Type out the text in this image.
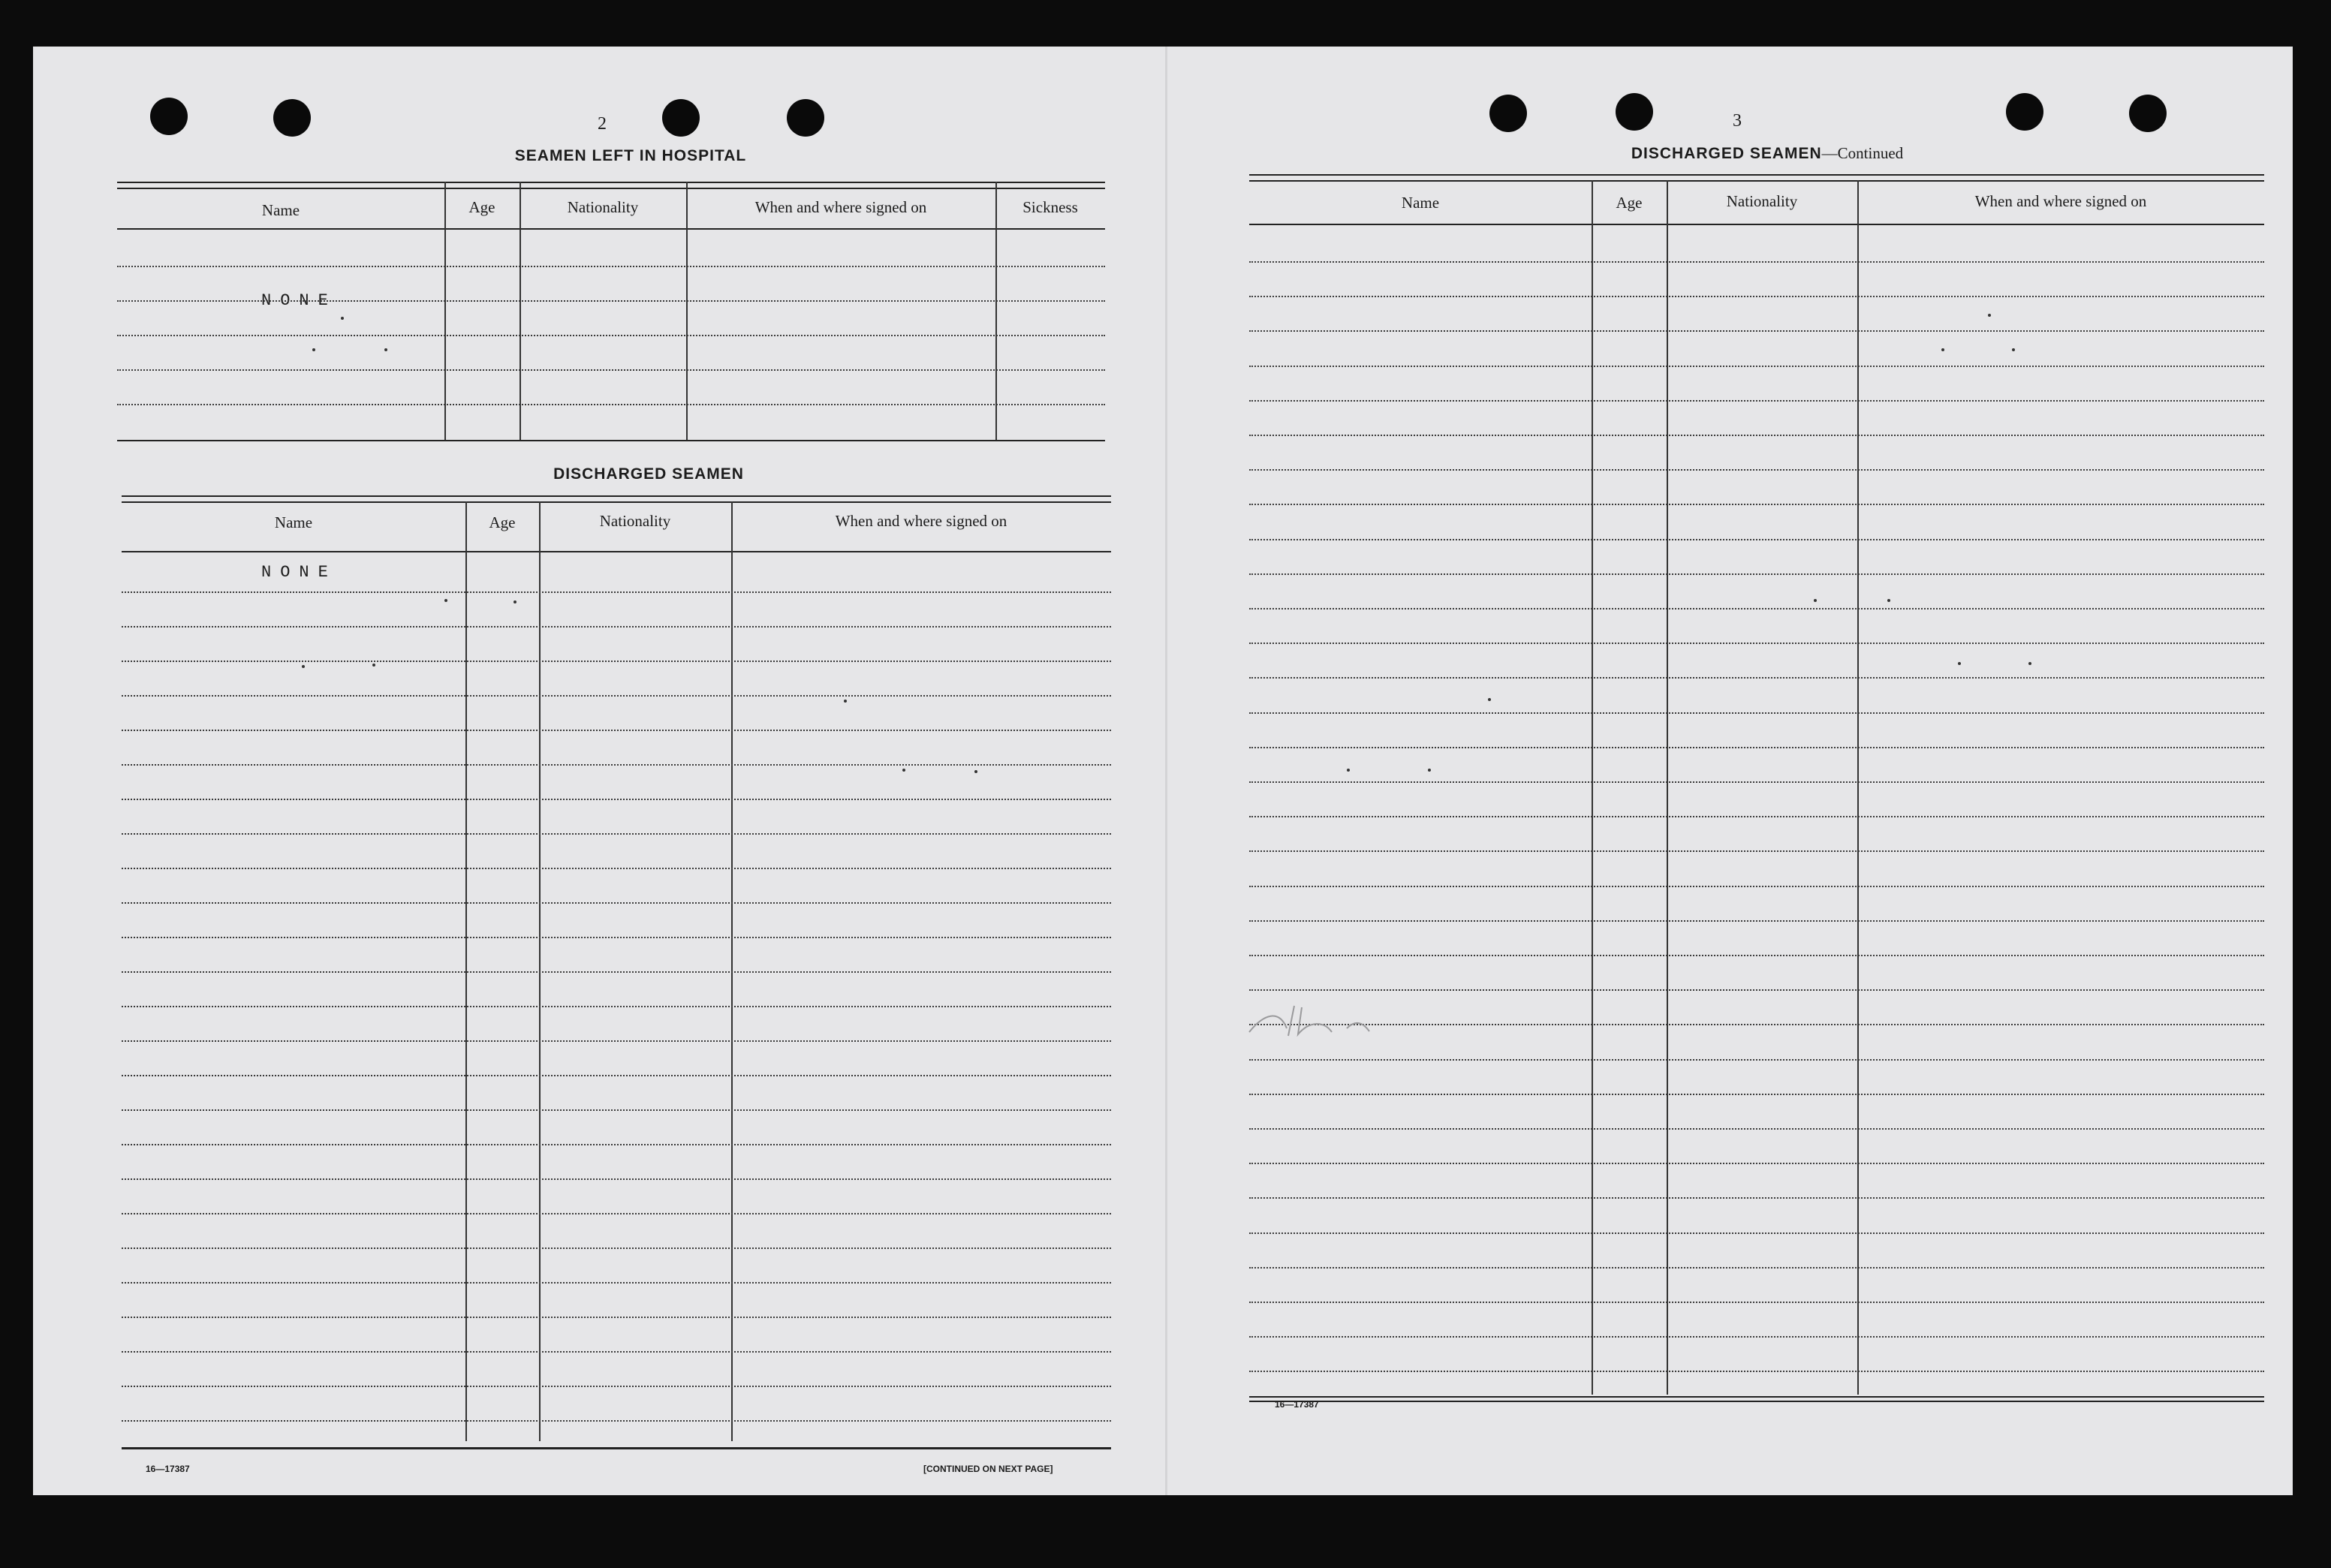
2
SEAMEN LEFT IN HOSPITAL
Name	Age	Nationality	When and where signed on	Sickness
NONE
DISCHARGED SEAMEN
Name	Age	Nationality	When and where signed on
NONE
16—17387	[CONTINUED ON NEXT PAGE]
3
DISCHARGED SEAMEN—Continued
Name	Age	Nationality	When and where signed on
16—17387
